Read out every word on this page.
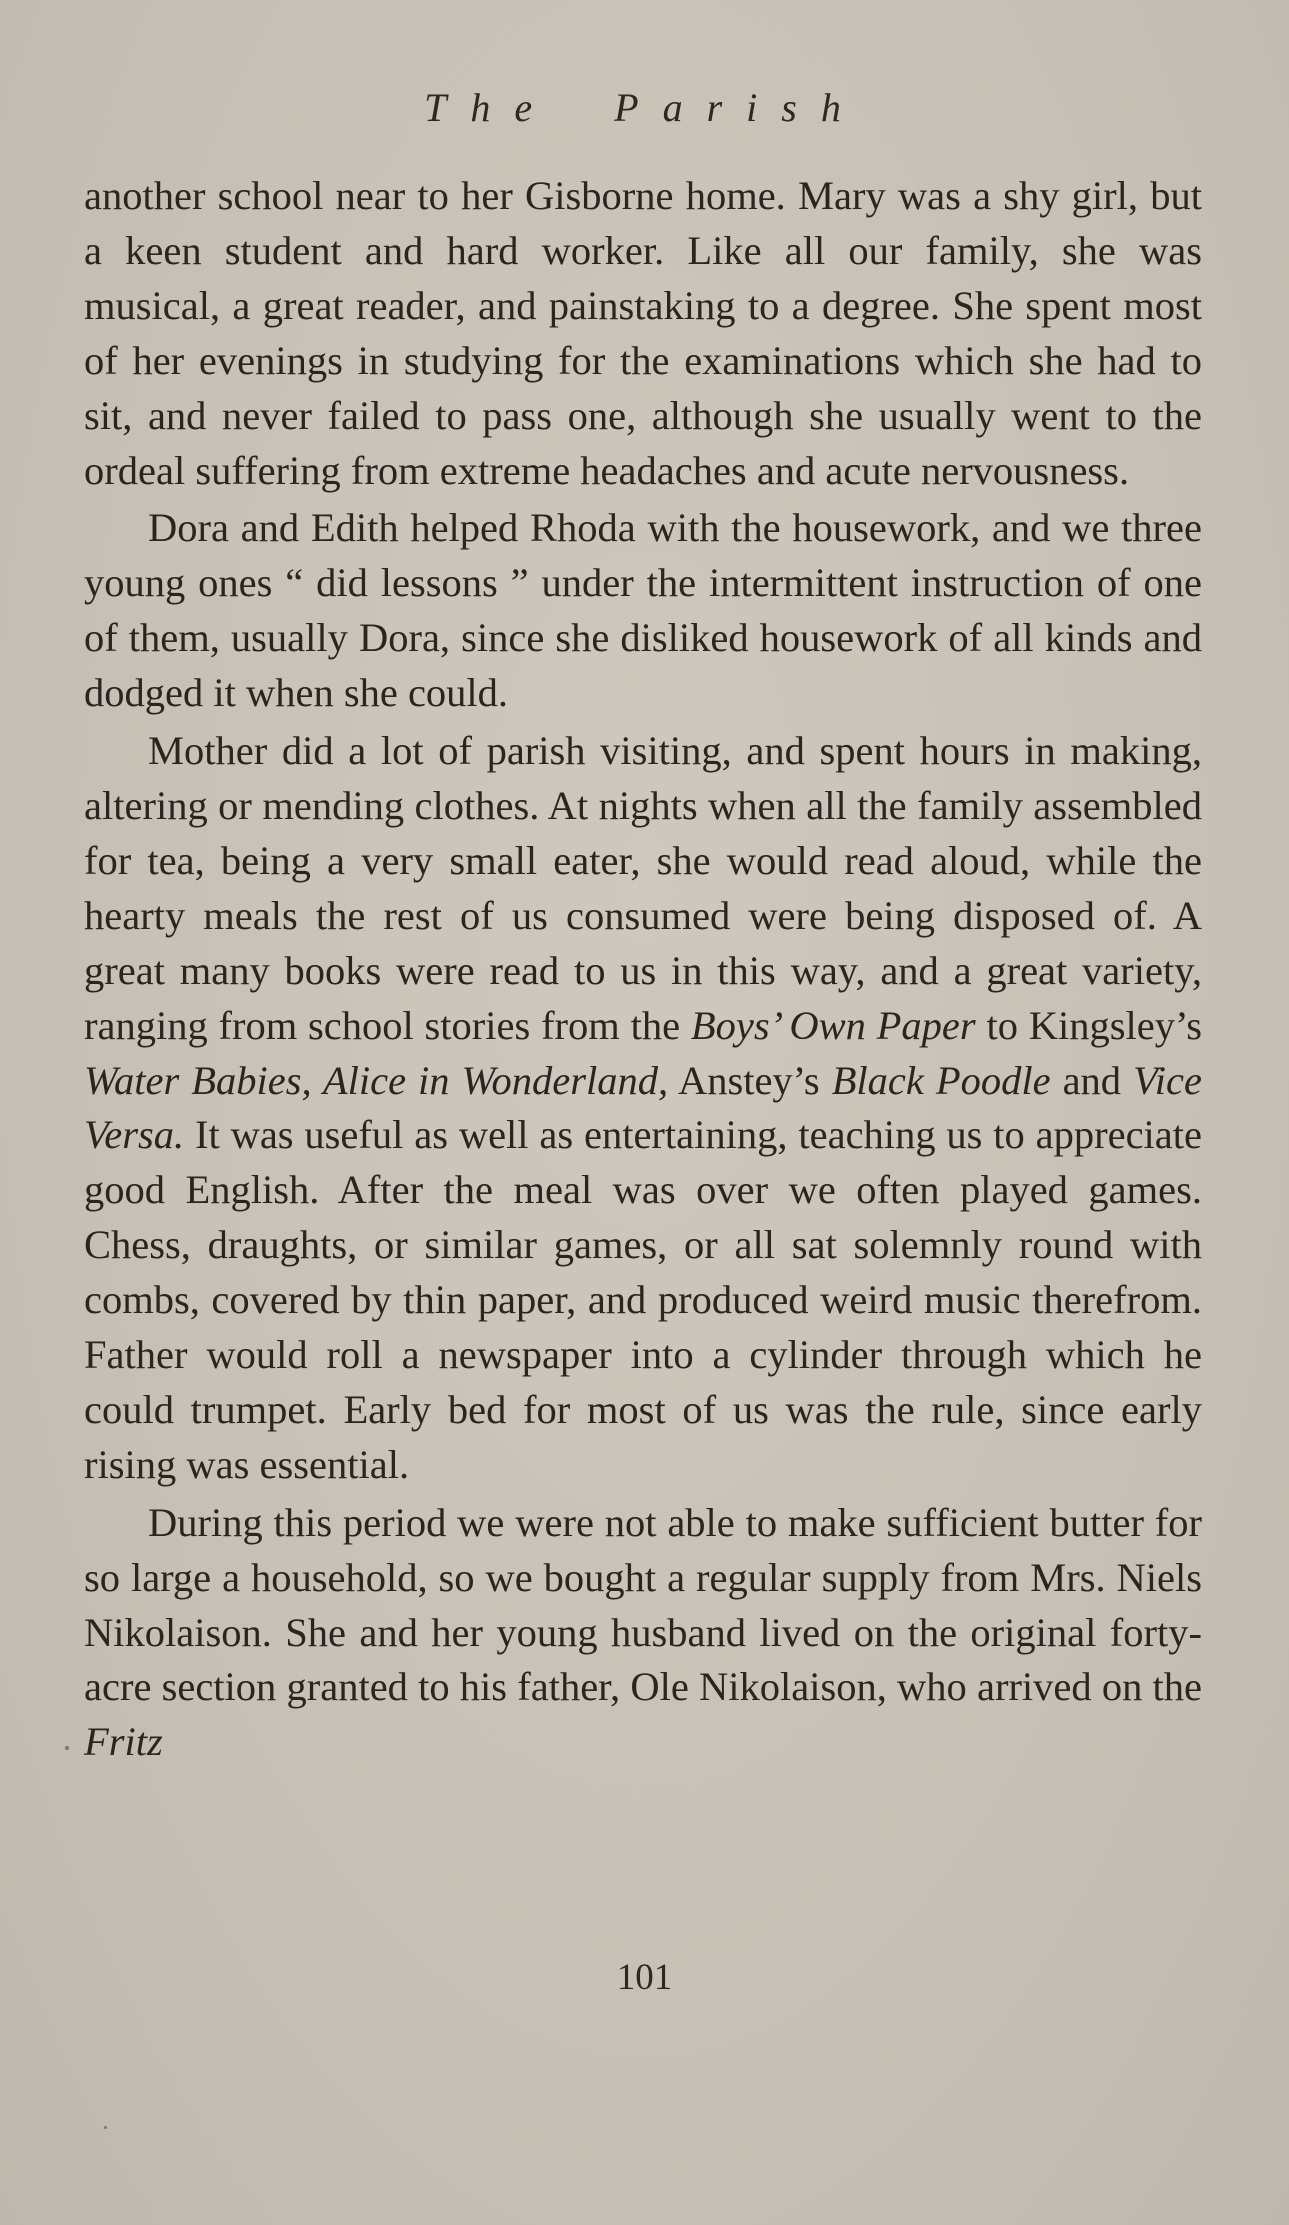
The Parish

another school near to her Gisborne home. Mary was a shy girl, but a keen student and hard worker. Like all our family, she was musical, a great reader, and painstaking to a degree. She spent most of her evenings in studying for the examinations which she had to sit, and never failed to pass one, although she usually went to the ordeal suffering from extreme headaches and acute nervousness.

Dora and Edith helped Rhoda with the housework, and we three young ones “ did lessons ” under the intermittent instruction of one of them, usually Dora, since she disliked housework of all kinds and dodged it when she could.

Mother did a lot of parish visiting, and spent hours in making, altering or mending clothes. At nights when all the family assembled for tea, being a very small eater, she would read aloud, while the hearty meals the rest of us consumed were being disposed of. A great many books were read to us in this way, and a great variety, ranging from school stories from the Boys’ Own Paper to Kingsley’s Water Babies, Alice in Wonderland, Anstey’s Black Poodle and Vice Versa. It was useful as well as entertaining, teaching us to appreciate good English. After the meal was over we often played games. Chess, draughts, or similar games, or all sat solemnly round with combs, covered by thin paper, and produced weird music therefrom. Father would roll a newspaper into a cylinder through which he could trumpet. Early bed for most of us was the rule, since early rising was essential.

During this period we were not able to make sufficient butter for so large a household, so we bought a regular supply from Mrs. Niels Nikolaison. She and her young husband lived on the original forty-acre section granted to his father, Ole Nikolaison, who arrived on the Fritz

101
